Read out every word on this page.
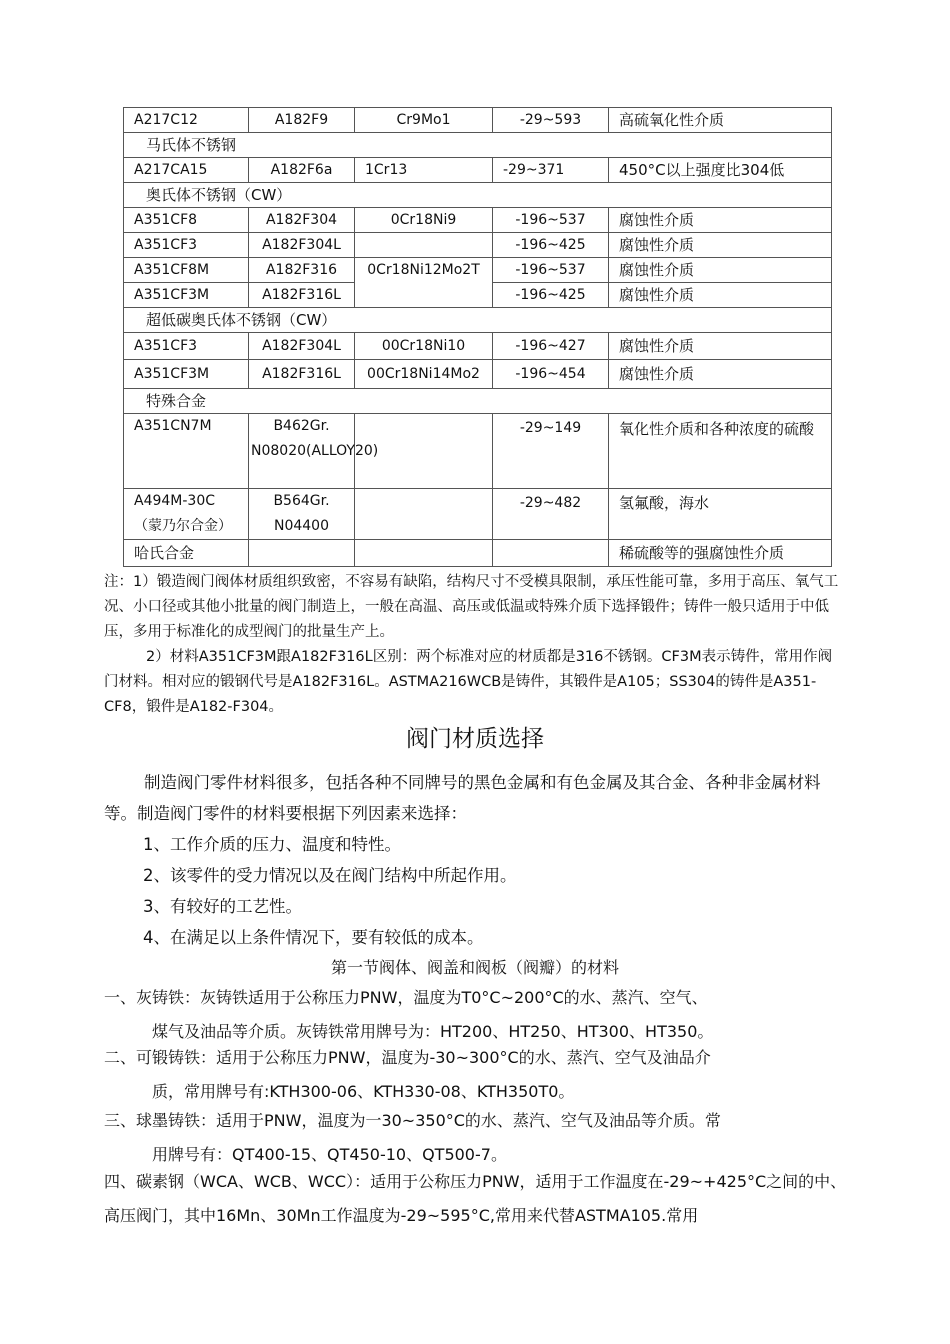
A217C12	A182F9	Cr9Mo1	-29~593	高硫氧化性介质
马氏体不锈钢				
A217CA15	A182F6a	1Cr13	-29~371	450°C以上强度比304低
奥氏体不锈钢（CW）				
A351CF8	A182F304	0Cr18Ni9	-196~537	腐蚀性介质
A351CF3	A182F304L		-196~425	腐蚀性介质
A351CF8M	A182F316	0Cr18Ni12Mo2T	-196~537	腐蚀性介质
A351CF3M	A182F316L		-196~425	腐蚀性介质
超低碳奥氏体不锈钢（CW）				
A351CF3	A182F304L	00Cr18Ni10	-196~427	腐蚀性介质
A351CF3M	A182F316L	00Cr18Ni14Mo2	-196~454	腐蚀性介质
特殊合金				
A351CN7M	B462Gr. N08020(ALLOY20)		-29~149	氧化性介质和各种浓度的硫酸

A494M-30C（蒙乃尔合金）	B564Gr. N04400		-29~482	氢氟酸，海水
哈氏合金				稀硫酸等的强腐蚀性介质
注：1）锻造阀门阀体材质组织致密，不容易有缺陷，结构尺寸不受模具限制，承压性能可靠，多用于高压、氧气工况、小口径或其他小批量的阀门制造上，一般在高温、高压或低温或特殊介质下选择锻件；铸件一般只适用于中低压，多用于标准化的成型阀门的批量生产上。
2）材料A351CF3M跟A182F316L区别：两个标准对应的材质都是316不锈钢。CF3M表示铸件，常用作阀门材料。相对应的锻钢代号是A182F316L。ASTMA216WCB是铸件，其锻件是A105；SS304的铸件是A351-CF8，锻件是A182-F304。
阀门材质选择
制造阀门零件材料很多，包括各种不同牌号的黑色金属和有色金属及其合金、各种非金属材料等。制造阀门零件的材料要根据下列因素来选择：
1、工作介质的压力、温度和特性。
2、该零件的受力情况以及在阀门结构中所起作用。
3、有较好的工艺性。
4、在满足以上条件情况下，要有较低的成本。
第一节阀体、阀盖和阀板（阀瓣）的材料
一、灰铸铁：灰铸铁适用于公称压力PNW，温度为T0°C~200°C的水、蒸汽、空气、
煤气及油品等介质。灰铸铁常用牌号为：HT200、HT250、HT300、HT350。
二、可锻铸铁：适用于公称压力PNW，温度为-30~300°C的水、蒸汽、空气及油品介
质，常用牌号有:KTH300-06、KTH330-08、KTH350T0。
三、球墨铸铁：适用于PNW，温度为一30~350°C的水、蒸汽、空气及油品等介质。常
用牌号有：QT400-15、QT450-10、QT500-7。
四、碳素钢（WCA、WCB、WCC）：适用于公称压力PNW，适用于工作温度在-29~+425°C之间的中、高压阀门，其中16Mn、30Mn工作温度为-29~595°C,常用来代替ASTMA105.常用
